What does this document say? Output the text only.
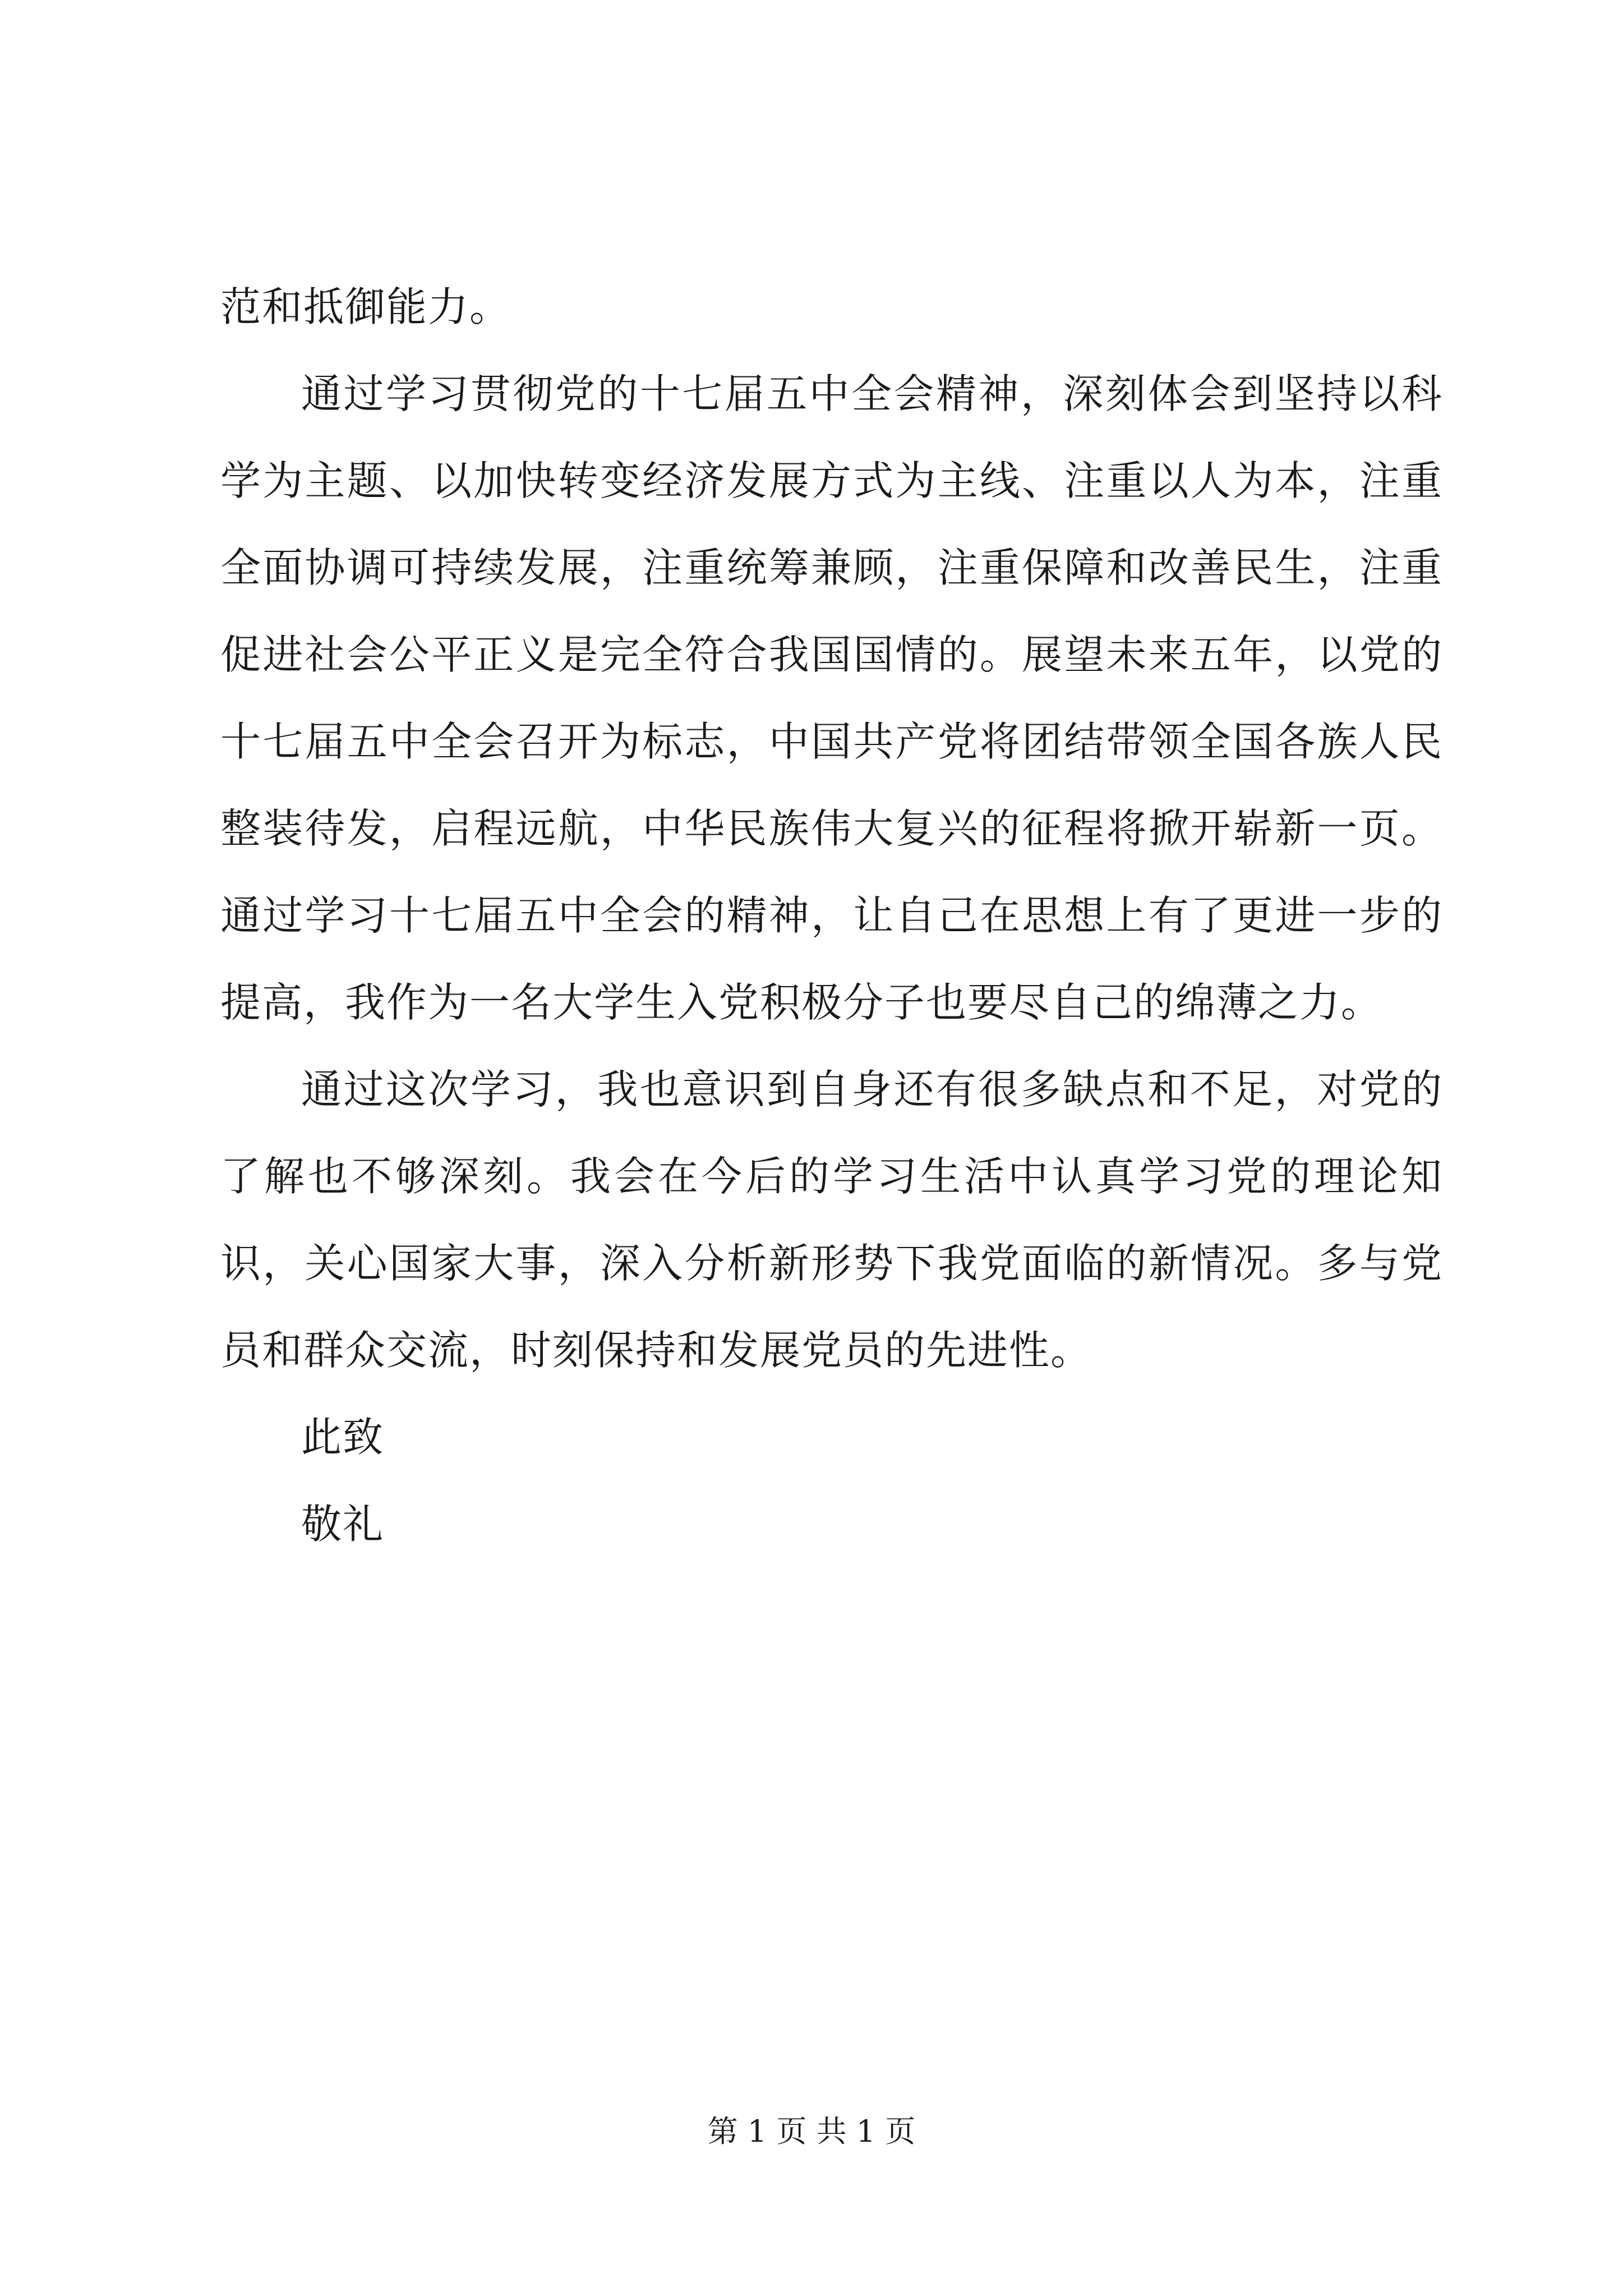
范和抵御能力。

通过学习贯彻党的十七届五中全会精神，深刻体会到坚持以科学为主题、以加快转变经济发展方式为主线、注重以人为本，注重全面协调可持续发展，注重统筹兼顾，注重保障和改善民生，注重促进社会公平正义是完全符合我国国情的。展望未来五年，以党的十七届五中全会召开为标志，中国共产党将团结带领全国各族人民整装待发，启程远航，中华民族伟大复兴的征程将掀开崭新一页。通过学习十七届五中全会的精神，让自己在思想上有了更进一步的提高，我作为一名大学生入党积极分子也要尽自己的绵薄之力。

通过这次学习，我也意识到自身还有很多缺点和不足，对党的了解也不够深刻。我会在今后的学习生活中认真学习党的理论知识，关心国家大事，深入分析新形势下我党面临的新情况。多与党员和群众交流，时刻保持和发展党员的先进性。

此致

敬礼

第 1 页 共 1 页
